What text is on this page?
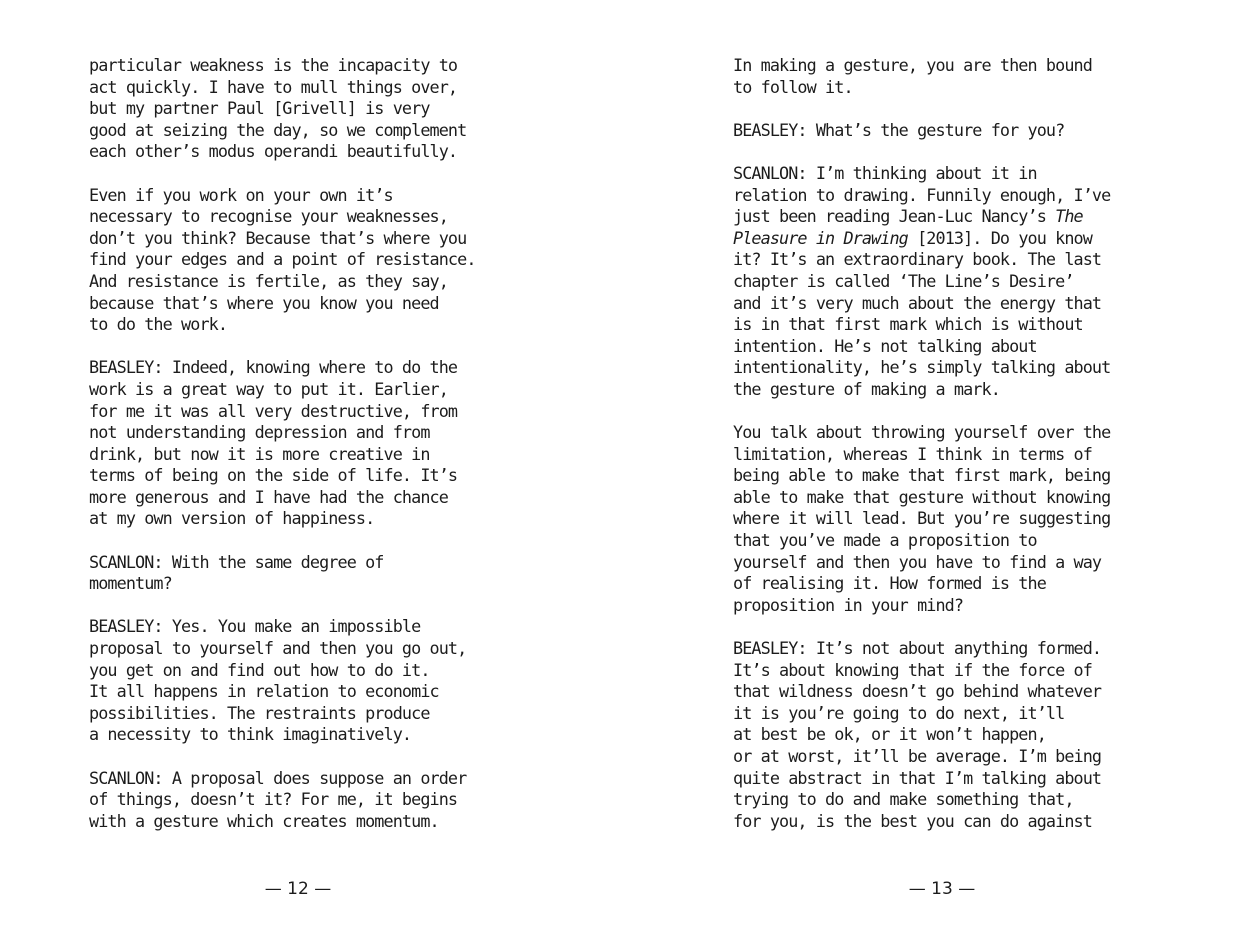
particular weakness is the incapacity to
act quickly. I have to mull things over,
but my partner Paul [Grivell] is very
good at seizing the day, so we complement
each other’s modus operandi beautifully.

Even if you work on your own it’s
necessary to recognise your weaknesses,
don’t you think? Because that’s where you
find your edges and a point of resistance.
And resistance is fertile, as they say,
because that’s where you know you need
to do the work.

BEASLEY: Indeed, knowing where to do the
work is a great way to put it. Earlier,
for me it was all very destructive, from
not understanding depression and from
drink, but now it is more creative in
terms of being on the side of life. It’s
more generous and I have had the chance
at my own version of happiness.

SCANLON: With the same degree of
momentum?

BEASLEY: Yes. You make an impossible
proposal to yourself and then you go out,
you get on and find out how to do it.
It all happens in relation to economic
possibilities. The restraints produce
a necessity to think imaginatively.

SCANLON: A proposal does suppose an order
of things, doesn’t it? For me, it begins
with a gesture which creates momentum.

— 12 —

In making a gesture, you are then bound
to follow it.

BEASLEY: What’s the gesture for you?

SCANLON: I’m thinking about it in
relation to drawing. Funnily enough, I’ve
just been reading Jean-Luc Nancy’s The
Pleasure in Drawing [2013]. Do you know
it? It’s an extraordinary book. The last
chapter is called ‘The Line’s Desire’
and it’s very much about the energy that
is in that first mark which is without
intention. He’s not talking about
intentionality, he’s simply talking about
the gesture of making a mark.

You talk about throwing yourself over the
limitation, whereas I think in terms of
being able to make that first mark, being
able to make that gesture without knowing
where it will lead. But you’re suggesting
that you’ve made a proposition to
yourself and then you have to find a way
of realising it. How formed is the
proposition in your mind?

BEASLEY: It’s not about anything formed.
It’s about knowing that if the force of
that wildness doesn’t go behind whatever
it is you’re going to do next, it’ll
at best be ok, or it won’t happen,
or at worst, it’ll be average. I’m being
quite abstract in that I’m talking about
trying to do and make something that,
for you, is the best you can do against

— 13 —
